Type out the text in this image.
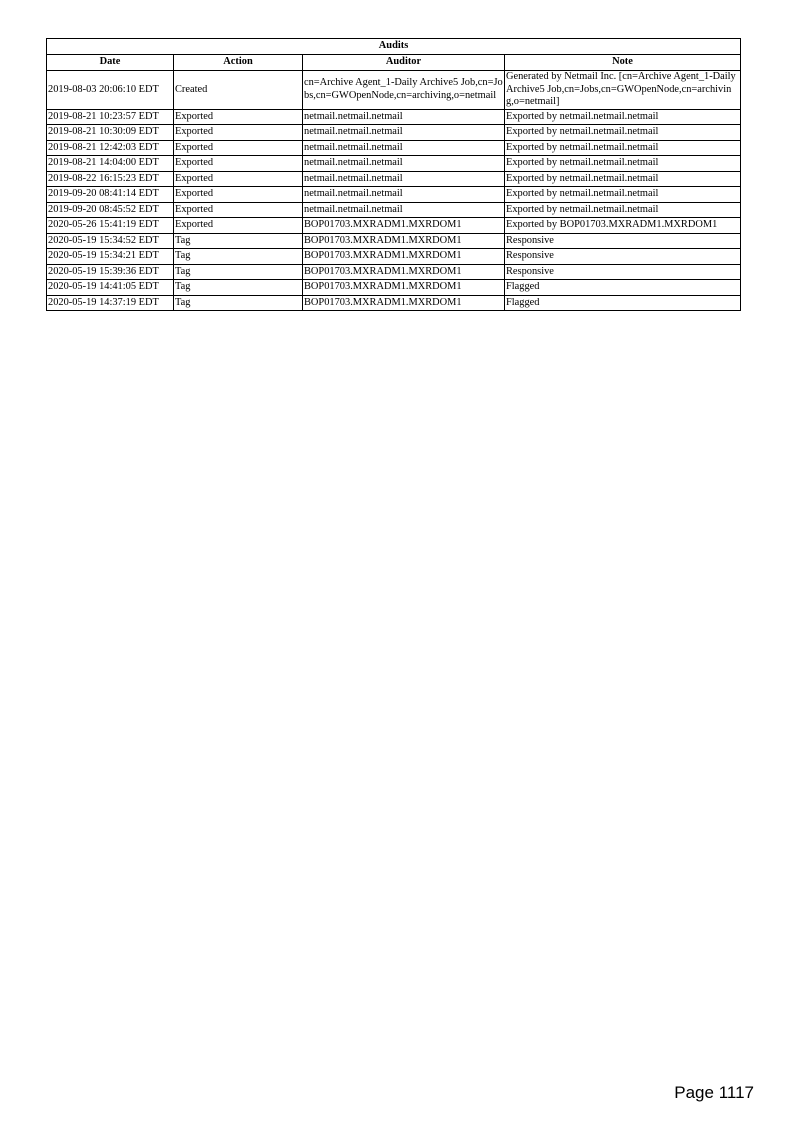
Audits			
Date	Action	Auditor	Note
2019-08-03 20:06:10 EDT	Created	cn=Archive Agent_1-Daily Archive5 Job,cn=Jobs,cn=GWOpenNode,cn=archiving,o=netmail	Generated by Netmail Inc. [cn=Archive Agent_1-Daily Archive5 Job,cn=Jobs,cn=GWOpenNode,cn=archiving,o=netmail]
2019-08-21 10:23:57 EDT	Exported	netmail.netmail.netmail	Exported by netmail.netmail.netmail
2019-08-21 10:30:09 EDT	Exported	netmail.netmail.netmail	Exported by netmail.netmail.netmail
2019-08-21 12:42:03 EDT	Exported	netmail.netmail.netmail	Exported by netmail.netmail.netmail
2019-08-21 14:04:00 EDT	Exported	netmail.netmail.netmail	Exported by netmail.netmail.netmail
2019-08-22 16:15:23 EDT	Exported	netmail.netmail.netmail	Exported by netmail.netmail.netmail
2019-09-20 08:41:14 EDT	Exported	netmail.netmail.netmail	Exported by netmail.netmail.netmail
2019-09-20 08:45:52 EDT	Exported	netmail.netmail.netmail	Exported by netmail.netmail.netmail
2020-05-26 15:41:19 EDT	Exported	BOP01703.MXRADM1.MXRDOM1	Exported by BOP01703.MXRADM1.MXRDOM1
2020-05-19 15:34:52 EDT	Tag	BOP01703.MXRADM1.MXRDOM1	Responsive
2020-05-19 15:34:21 EDT	Tag	BOP01703.MXRADM1.MXRDOM1	Responsive
2020-05-19 15:39:36 EDT	Tag	BOP01703.MXRADM1.MXRDOM1	Responsive
2020-05-19 14:41:05 EDT	Tag	BOP01703.MXRADM1.MXRDOM1	Flagged
2020-05-19 14:37:19 EDT	Tag	BOP01703.MXRADM1.MXRDOM1	Flagged
Page 1117
